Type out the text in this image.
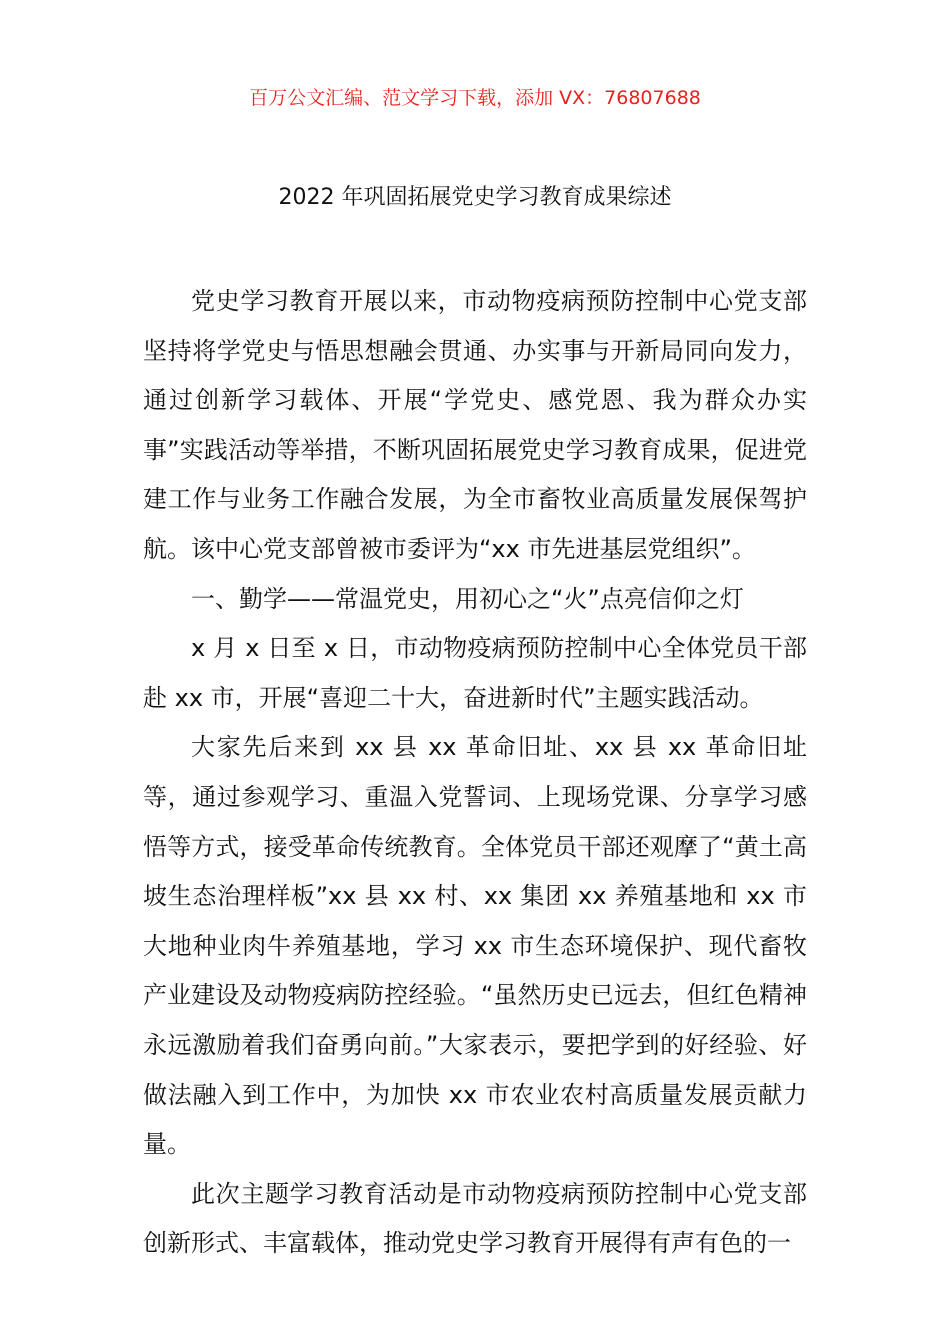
百万公文汇编、范文学习下载，添加 VX：76807688
2022 年巩固拓展党史学习教育成果综述

党史学习教育开展以来，市动物疫病预防控制中心党支部坚持将学党史与悟思想融会贯通、办实事与开新局同向发力，通过创新学习载体、开展“学党史、感党恩、我为群众办实事”实践活动等举措，不断巩固拓展党史学习教育成果，促进党建工作与业务工作融合发展，为全市畜牧业高质量发展保驾护航。该中心党支部曾被市委评为“xx 市先进基层党组织”。

一、勤学——常温党史，用初心之“火”点亮信仰之灯

x 月 x 日至 x 日，市动物疫病预防控制中心全体党员干部赴 xx 市，开展“喜迎二十大，奋进新时代”主题实践活动。

大家先后来到 xx 县 xx 革命旧址、xx 县 xx 革命旧址等，通过参观学习、重温入党誓词、上现场党课、分享学习感悟等方式，接受革命传统教育。全体党员干部还观摩了“黄土高坡生态治理样板”xx 县 xx 村、xx 集团 xx 养殖基地和 xx 市大地种业肉牛养殖基地，学习 xx 市生态环境保护、现代畜牧产业建设及动物疫病防控经验。“虽然历史已远去，但红色精神永远激励着我们奋勇向前。”大家表示，要把学到的好经验、好做法融入到工作中，为加快 xx 市农业农村高质量发展贡献力量。

此次主题学习教育活动是市动物疫病预防控制中心党支部创新形式、丰富载体，推动党史学习教育开展得有声有色的一
